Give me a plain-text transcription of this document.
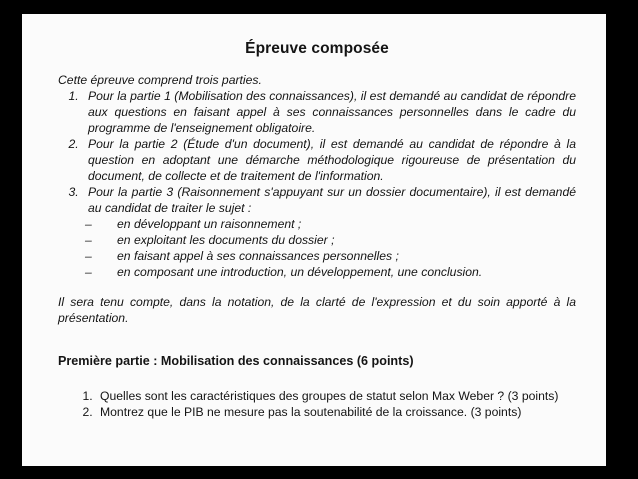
Épreuve composée

Cette épreuve comprend trois parties.

1. Pour la partie 1 (Mobilisation des connaissances), il est demandé au candidat de répondre aux questions en faisant appel à ses connaissances personnelles dans le cadre du programme de l'enseignement obligatoire.
2. Pour la partie 2 (Étude d'un document), il est demandé au candidat de répondre à la question en adoptant une démarche méthodologique rigoureuse de présentation du document, de collecte et de traitement de l'information.
3. Pour la partie 3 (Raisonnement s'appuyant sur un dossier documentaire), il est demandé au candidat de traiter le sujet :
– en développant un raisonnement ;
– en exploitant les documents du dossier ;
– en faisant appel à ses connaissances personnelles ;
– en composant une introduction, un développement, une conclusion.

Il sera tenu compte, dans la notation, de la clarté de l'expression et du soin apporté à la présentation.

Première partie : Mobilisation des connaissances (6 points)
1. Quelles sont les caractéristiques des groupes de statut selon Max Weber ? (3 points)
2. Montrez que le PIB ne mesure pas la soutenabilité de la croissance. (3 points)
